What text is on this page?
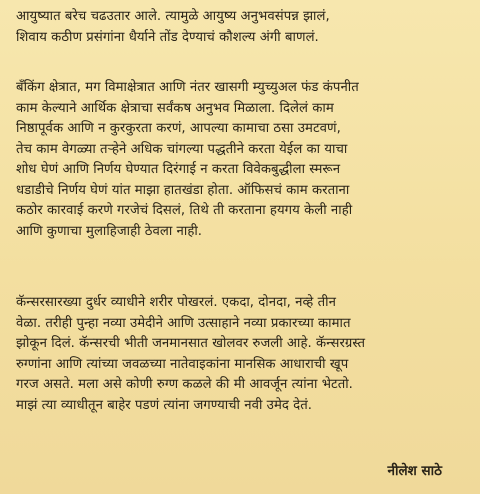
आयुष्यात बरेच चढउतार आले. त्यामुळे आयुष्य अनुभवसंपन्न झालं,
शिवाय कठीण प्रसंगांना धैर्याने तोंड देण्याचं कौशल्य अंगी बाणलं.

बँकिंग क्षेत्रात, मग विमाक्षेत्रात आणि नंतर खासगी म्युच्युअल फंड कंपनीत
काम केल्याने आर्थिक क्षेत्राचा सर्वंकष अनुभव मिळाला. दिलेलं काम
निष्ठापूर्वक आणि न कुरकुरता करणं, आपल्या कामाचा ठसा उमटवणं,
तेच काम वेगळ्या तऱ्हेने अधिक चांगल्या पद्धतीने करता येईल का याचा
शोध घेणं आणि निर्णय घेण्यात दिरंगाई न करता विवेकबुद्धीला स्मरून
धडाडीचे निर्णय घेणं यांत माझा हातखंडा होता. ऑफिसचं काम करताना
कठोर कारवाई करणे गरजेचं दिसलं, तिथे ती करताना हयगय केली नाही
आणि कुणाचा मुलाहिजाही ठेवला नाही.

कॅन्सरसारख्या दुर्धर व्याधीने शरीर पोखरलं. एकदा, दोनदा, नव्हे तीन
वेळा. तरीही पुन्हा नव्या उमेदीने आणि उत्साहाने नव्या प्रकारच्या कामात
झोकून दिलं. कॅन्सरची भीती जनमानसात खोलवर रुजली आहे. कॅन्सरग्रस्त
रुग्णांना आणि त्यांच्या जवळच्या नातेवाइकांना मानसिक आधाराची खूप
गरज असते. मला असे कोणी रुग्ण कळले की मी आवर्जून त्यांना भेटतो.
माझं त्या व्याधीतून बाहेर पडणं त्यांना जगण्याची नवी उमेद देतं.

नीलेश साठे
